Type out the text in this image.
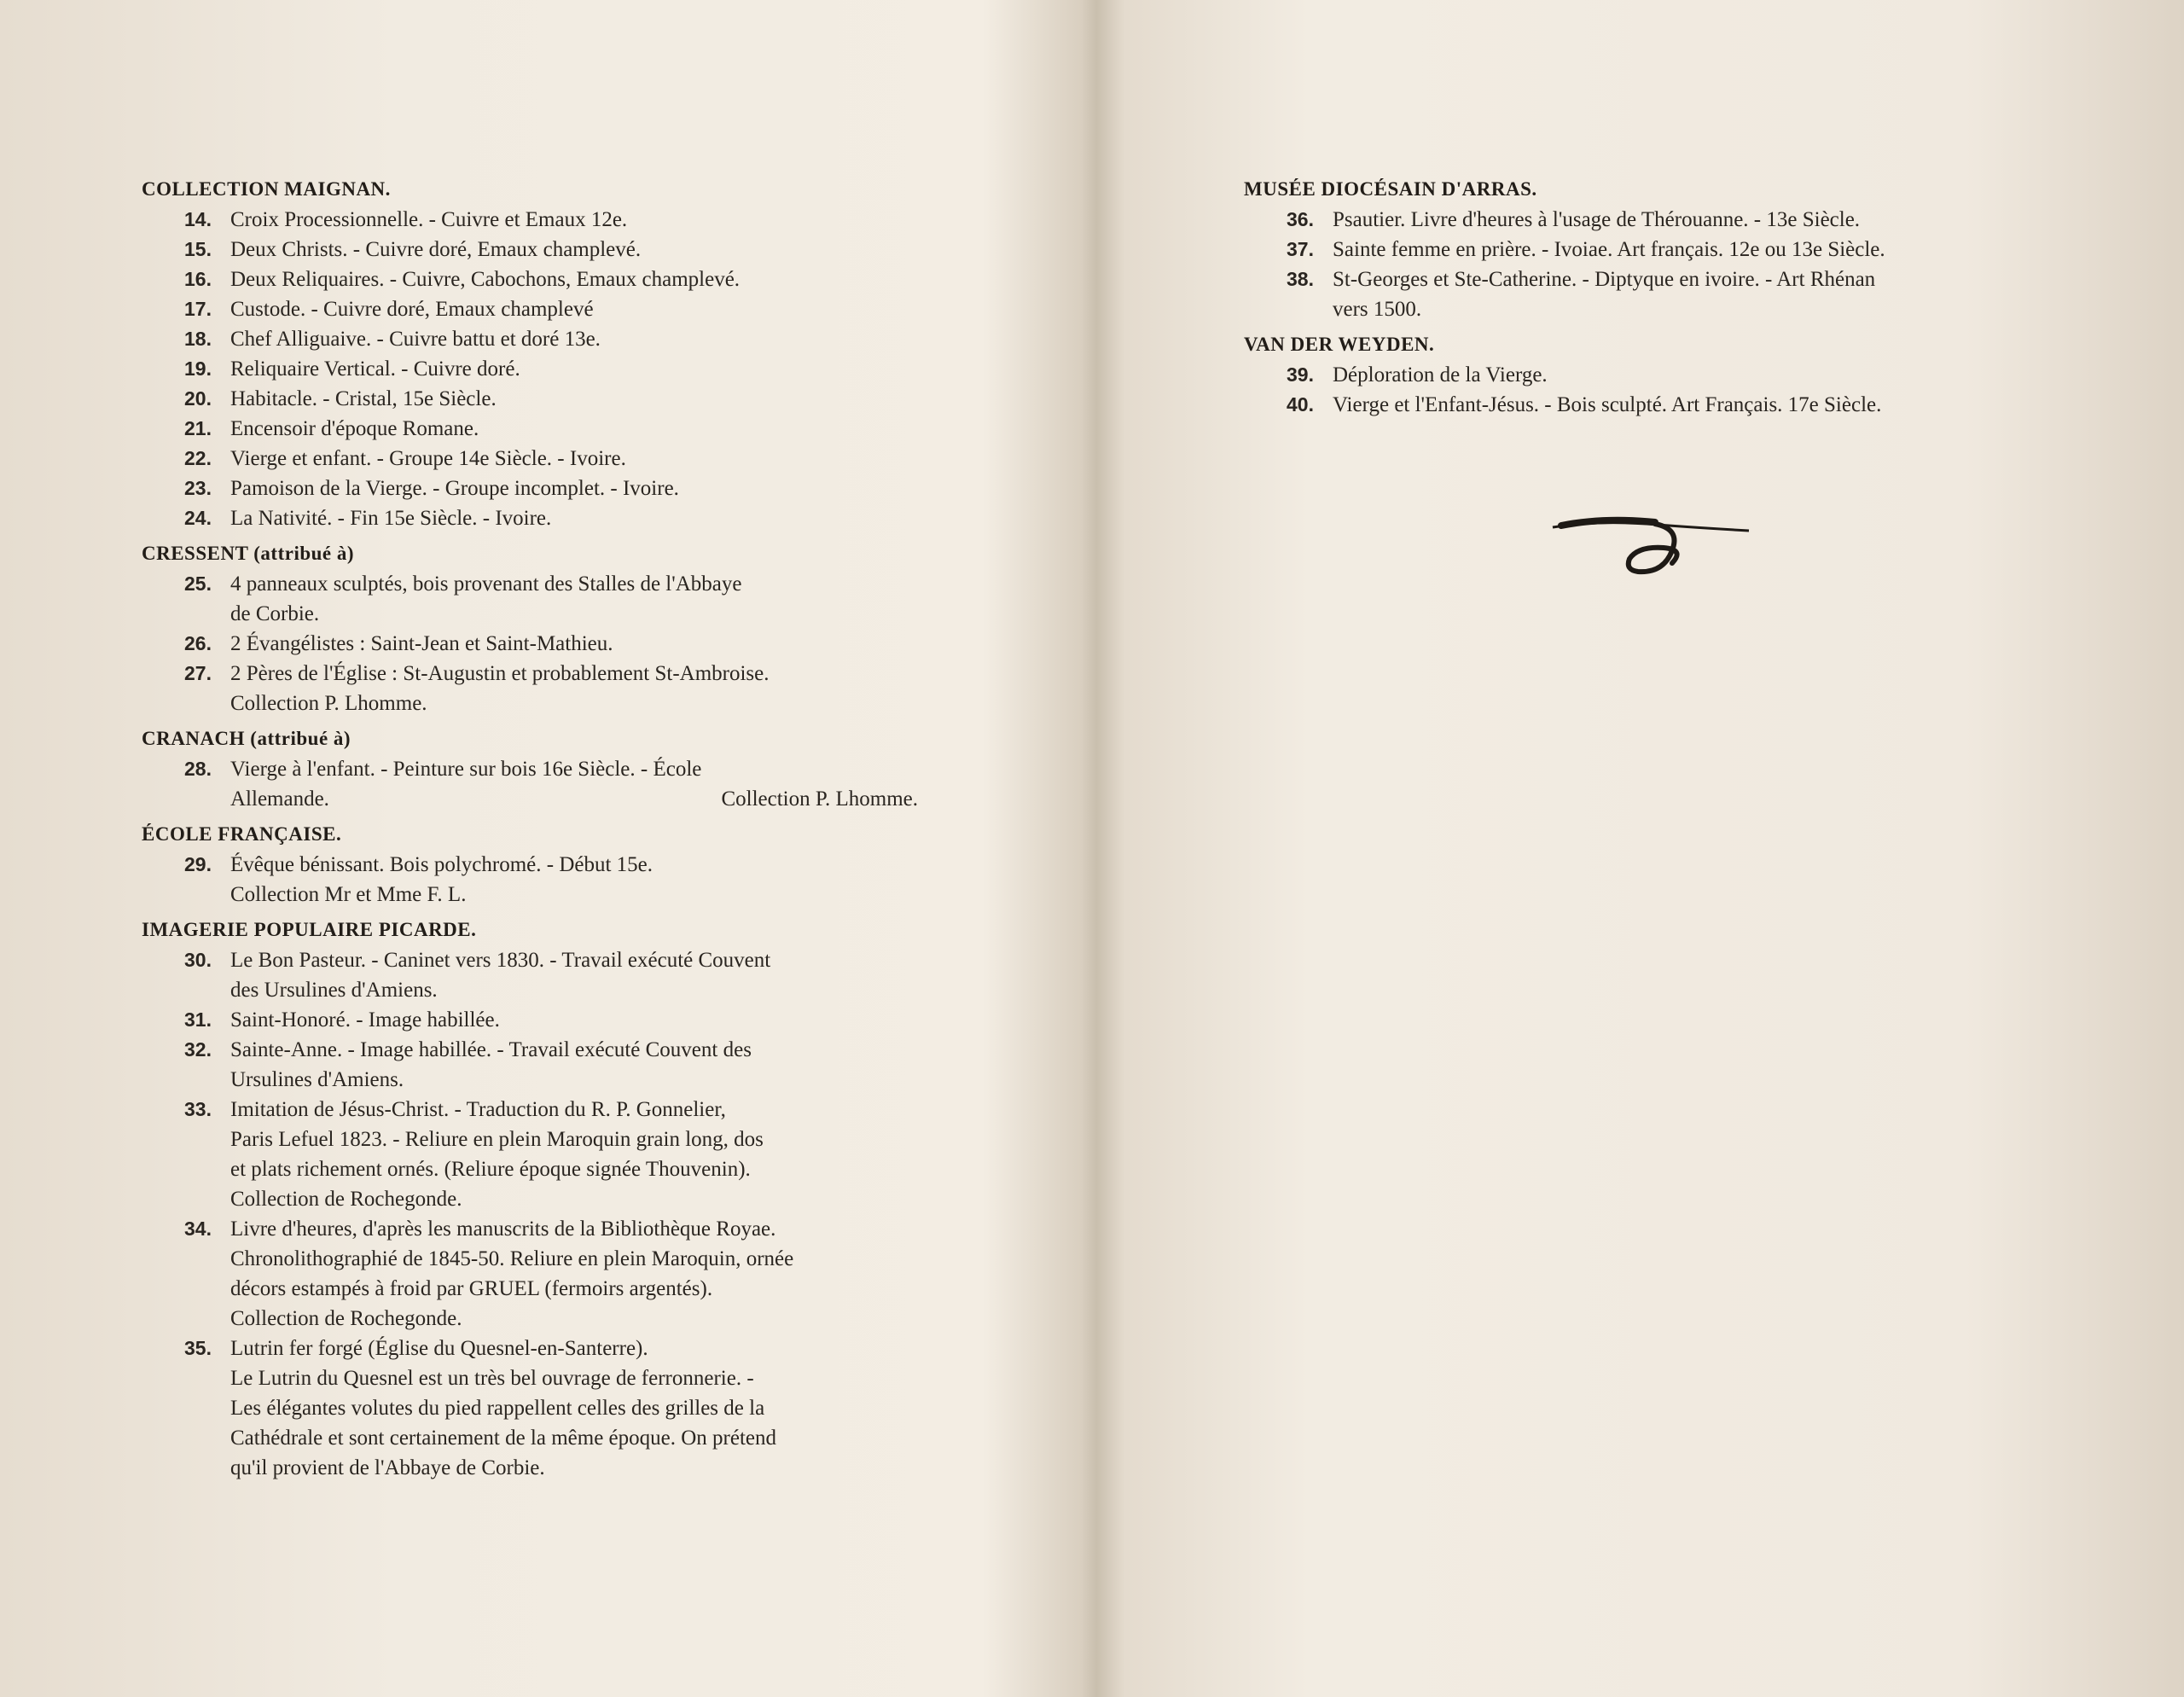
COLLECTION MAIGNAN.
14. Croix Processionnelle. - Cuivre et Emaux 12e.
15. Deux Christs. - Cuivre doré, Emaux champlevé.
16. Deux Reliquaires. - Cuivre, Cabochons, Emaux champlevé.
17. Custode. - Cuivre doré, Emaux champlevé
18. Chef Alliguaive. - Cuivre battu et doré 13e.
19. Reliquaire Vertical. - Cuivre doré.
20. Habitacle. - Cristal, 15e Siècle.
21. Encensoir d'époque Romane.
22. Vierge et enfant. - Groupe 14e Siècle. - Ivoire.
23. Pamoison de la Vierge. - Groupe incomplet. - Ivoire.
24. La Nativité. - Fin 15e Siècle. - Ivoire.
CRESSENT (attribué à)
25. 4 panneaux sculptés, bois provenant des Stalles de l'Abbaye
de Corbie.
26. 2 Évangélistes : Saint-Jean et Saint-Mathieu.
27. 2 Pères de l'Église : St-Augustin et probablement St-Ambroise.
Collection P. Lhomme.
CRANACH (attribué à)
28. Vierge à l'enfant. - Peinture sur bois 16e Siècle. - École
Allemande.	Collection P. Lhomme.
ÉCOLE FRANÇAISE.
29. Évêque bénissant. Bois polychromé. - Début 15e.
Collection Mr et Mme F. L.
IMAGERIE POPULAIRE PICARDE.
30. Le Bon Pasteur. - Caninet vers 1830. - Travail exécuté Couvent
des Ursulines d'Amiens.
31. Saint-Honoré. - Image habillée.
32. Sainte-Anne. - Image habillée. - Travail exécuté Couvent des
Ursulines d'Amiens.
33. Imitation de Jésus-Christ. - Traduction du R. P. Gonnelier,
Paris Lefuel 1823. - Reliure en plein Maroquin grain long, dos
et plats richement ornés. (Reliure époque signée Thouvenin).
Collection de Rochegonde.
34. Livre d'heures, d'après les manuscrits de la Bibliothèque Royae.
Chronolithographié de 1845-50. Reliure en plein Maroquin, ornée
décors estampés à froid par GRUEL (fermoirs argentés).
Collection de Rochegonde.
35. Lutrin fer forgé (Église du Quesnel-en-Santerre).
Le Lutrin du Quesnel est un très bel ouvrage de ferronnerie. -
Les élégantes volutes du pied rappellent celles des grilles de la
Cathédrale et sont certainement de la même époque. On prétend
qu'il provient de l'Abbaye de Corbie.
MUSÉE DIOCÉSAIN D'ARRAS.
36. Psautier. Livre d'heures à l'usage de Thérouanne. - 13e Siècle.
37. Sainte femme en prière. - Ivoiae. Art français. 12e ou 13e Siècle.
38. St-Georges et Ste-Catherine. - Diptyque en ivoire. - Art Rhénan
vers 1500.
VAN DER WEYDEN.
39. Déploration de la Vierge.
40. Vierge et l'Enfant-Jésus. - Bois sculpté. Art Français. 17e Siècle.
